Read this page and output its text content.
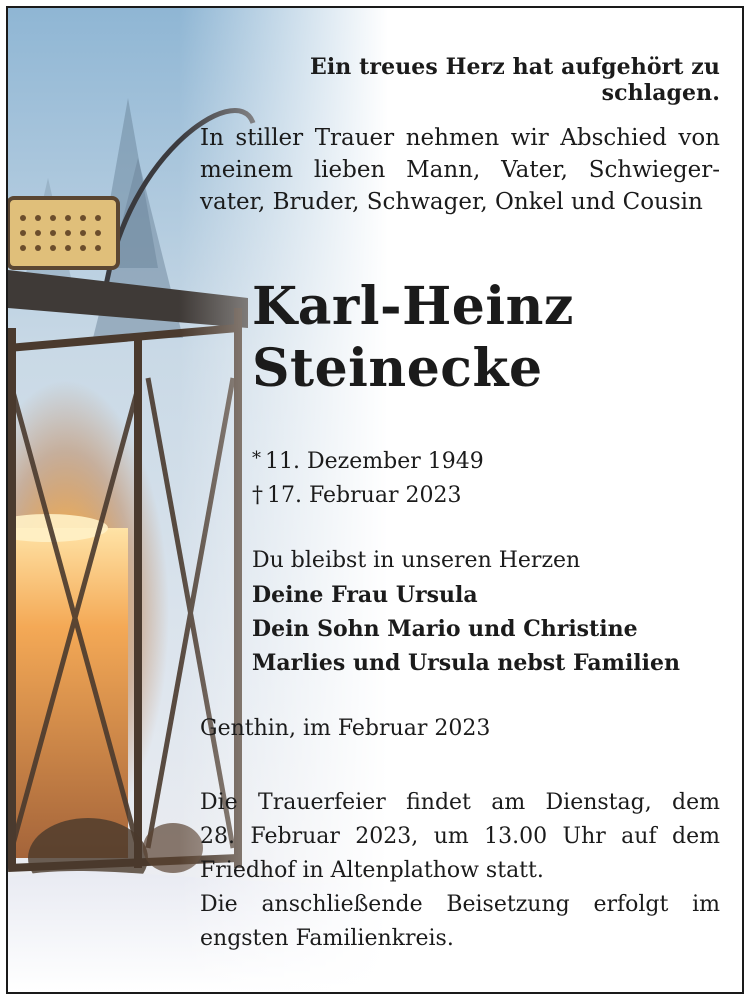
Ein treues Herz hat aufgehört zu schlagen.
In stiller Trauer nehmen wir Abschied von
meinem lieben Mann, Vater, Schwieger-
vater, Bruder, Schwager, Onkel und Cousin
Karl-Heinz
Steinecke
* 11. Dezember 1949
† 17. Februar 2023
Du bleibst in unseren Herzen
Deine Frau Ursula
Dein Sohn Mario und Christine
Marlies und Ursula nebst Familien
Genthin, im Februar 2023
Die Trauerfeier findet am Dienstag, dem
28. Februar 2023, um 13.00 Uhr auf dem
Friedhof in Altenplathow statt.
Die anschließende Beisetzung erfolgt im
engsten Familienkreis.
